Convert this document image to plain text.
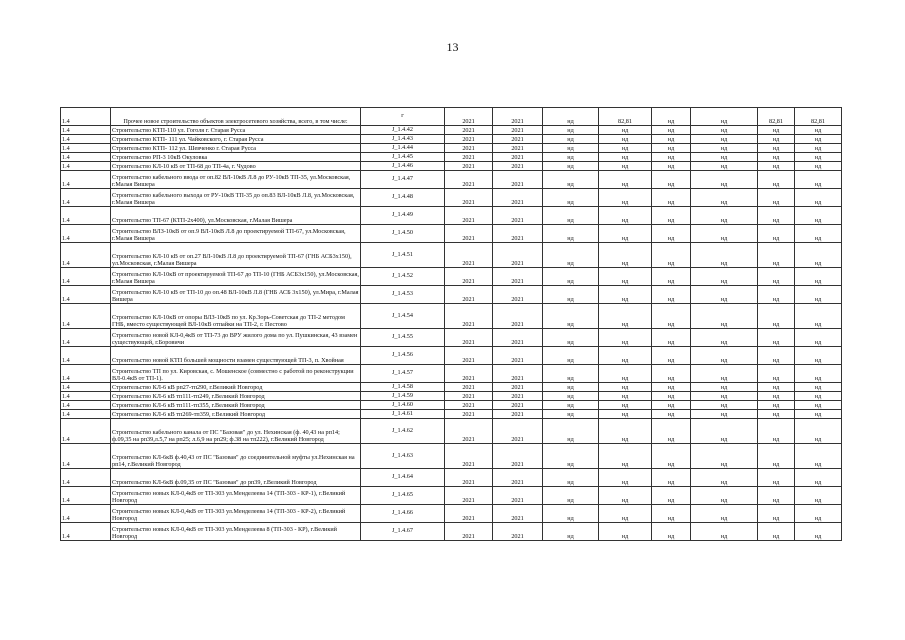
13
1.4	Прочее новое строительство объектов электросетевого хозяйства, всего, в том числе:	г	2021	2021	нд	82,81	нд	нд	82,81	82,81
1.4	Строительство КТП-110 ул. Гоголя г. Старая Русса	J_1.4.42	2021	2021	нд	нд	нд	нд	нд	нд
1.4	Строительство КТП- 111 ул. Чайковского, г. Старая Русса	J_1.4.43	2021	2021	нд	нд	нд	нд	нд	нд
1.4	Строительство КТП- 112 ул. Шевченко г. Старая Русса	J_1.4.44	2021	2021	нд	нд	нд	нд	нд	нд
1.4	Строительство РП-3 10кВ Окуловка	J_1.4.45	2021	2021	нд	нд	нд	нд	нд	нд
1.4	Строительство КЛ-10 кВ от ТП-68 до ТП-4а, г. Чудово	J_1.4.46	2021	2021	нд	нд	нд	нд	нд	нд
1.4	Строительство кабельного ввода от оп.82 ВЛ-10кВ Л.8 до РУ-10кВ ТП-35, ул.Московская, г.Малая Вишера	J_1.4.47	2021	2021	нд	нд	нд	нд	нд	нд
1.4	Строительство кабельного выхода от РУ-10кВ ТП-35 до оп.83 ВЛ-10кВ Л.8, ул.Московская, г.Малая Вишера	J_1.4.48	2021	2021	нд	нд	нд	нд	нд	нд
1.4	Строительство ТП-67 (КТП-2х400), ул.Московская, г.Малая Вишера	J_1.4.49	2021	2021	нд	нд	нд	нд	нд	нд
1.4	Строительство ВЛЗ-10кВ от оп.9 ВЛ-10кВ Л.8 до проектируемой ТП-67, ул.Московская, г.Малая Вишера	J_1.4.50	2021	2021	нд	нд	нд	нд	нд	нд
1.4	Строительство КЛ-10 кВ от оп.27 ВЛ-10кВ Л.8 до проектируемой ТП-67 (ГНБ АСБ3х150), ул.Московская, г.Малая Вишера	J_1.4.51	2021	2021	нд	нд	нд	нд	нд	нд
1.4	Строительство КЛ-10кВ от проектируемой ТП-67 до ТП-10 (ГНБ АСБ3х150), ул.Московская, г.Малая Вишера	J_1.4.52	2021	2021	нд	нд	нд	нд	нд	нд
1.4	Строительство КЛ-10 кВ от ТП-10 до оп.48 ВЛ-10кВ Л.8 (ГНБ АСБ 3х150), ул.Мира, г.Малая Вишера	J_1.4.53	2021	2021	нд	нд	нд	нд	нд	нд
1.4	Строительство КЛ-10кВ от опоры ВЛЗ-10кВ по ул. Кр.Зорь-Советская до ТП-2 методом ГНБ, вместо существующей ВЛ-10кВ отпайки на ТП-2, г. Пестово	J_1.4.54	2021	2021	нд	нд	нд	нд	нд	нд
1.4	Строительство новой КЛ-0,4кВ от ТП-73 до ВРУ жилого дома по ул. Пушкинская, 43 взамен существующей, г.Боровичи	J_1.4.55	2021	2021	нд	нд	нд	нд	нд	нд
1.4	Строительство новой КТП большей мощности взамен существующей ТП-3, п. Хвойная	J_1.4.56	2021	2021	нд	нд	нд	нд	нд	нд
1.4	Строительство ТП по ул. Кировская, с. Мошенское (совместно с работой по реконструкции ВЛ-0.4кВ от ТП-1).	J_1.4.57	2021	2021	нд	нд	нд	нд	нд	нд
1.4	Строительство КЛ-6 кВ рп27-тп290, г.Великий Новгород	J_1.4.58	2021	2021	нд	нд	нд	нд	нд	нд
1.4	Строительство КЛ-6 кВ тп111-тп249, г.Великий Новгород	J_1.4.59	2021	2021	нд	нд	нд	нд	нд	нд
1.4	Строительство КЛ-6 кВ тп111-тп355, г.Великий Новгород	J_1.4.60	2021	2021	нд	нд	нд	нд	нд	нд
1.4	Строительство КЛ-6 кВ тп269-тп359, г.Великий Новгород	J_1.4.61	2021	2021	нд	нд	нд	нд	нд	нд
1.4	Строительство кабельного канала от ПС "Базовая" до ул. Нехинская (ф. 40,43 на рп14; ф.09,35 на рп39,л.5,7 на рп25; л.6,9 на рп29; ф.38 на тп222), г.Великий Новгород	J_1.4.62	2021	2021	нд	нд	нд	нд	нд	нд
1.4	Строительство КЛ-6кВ ф.40,43 от ПС "Базовая" до соединительной муфты ул.Нехинская на рп14, г.Великий Новгород	J_1.4.63	2021	2021	нд	нд	нд	нд	нд	нд
1.4	Строительство КЛ-6кВ ф.09,35 от ПС "Базовая" до рп39, г.Великий Новгород	J_1.4.64	2021	2021	нд	нд	нд	нд	нд	нд
1.4	Строительство новых КЛ-0,4кВ от ТП-303 ул.Менделеева 14 (ТП-303 - КР-1), г.Великий Новгород	J_1.4.65	2021	2021	нд	нд	нд	нд	нд	нд
1.4	Строительство новых КЛ-0,4кВ от ТП-303 ул.Менделеева 14 (ТП-303 - КР-2), г.Великий Новгород	J_1.4.66	2021	2021	нд	нд	нд	нд	нд	нд
1.4	Строительство новых КЛ-0,4кВ от ТП-303 ул.Менделеева 8 (ТП-303 - КР), г.Великий Новгород	J_1.4.67	2021	2021	нд	нд	нд	нд	нд	нд
